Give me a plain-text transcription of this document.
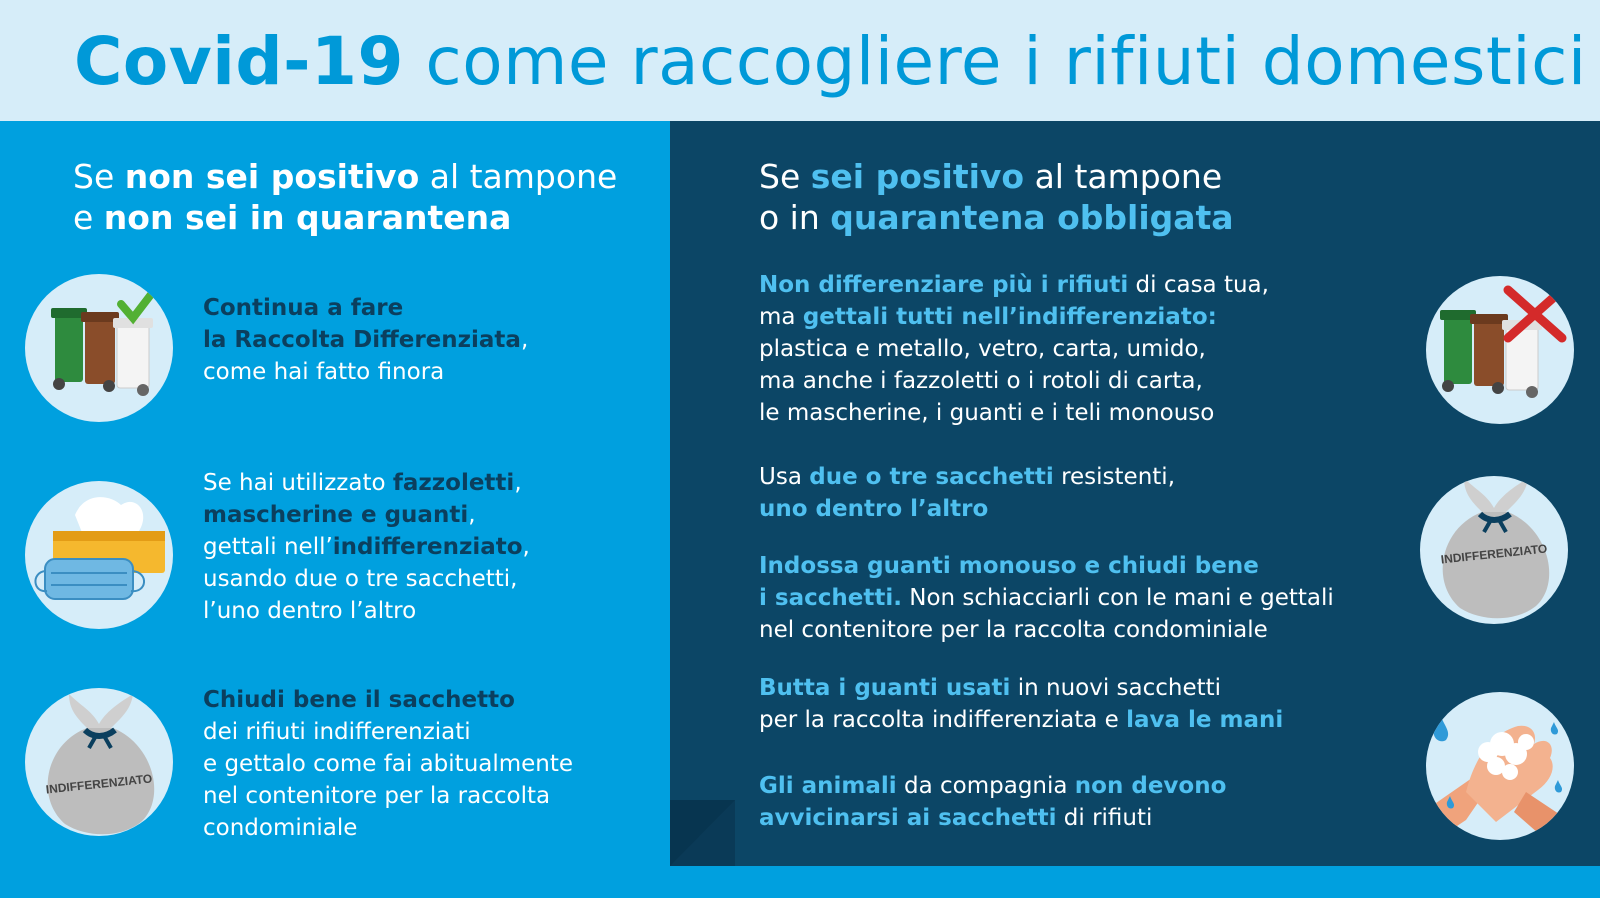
Covid-19 come raccogliere i rifiuti domestici
Se non sei positivo al tampone
e non sei in quarantena
Se sei positivo al tampone
o in quarantena obbligata
Continua a fare
la Raccolta Differenziata,
come hai fatto finora
Se hai utilizzato fazzoletti,
mascherine e guanti,
gettali nell’indifferenziato,
usando due o tre sacchetti,
l’uno dentro l’altro
Chiudi bene il sacchetto
dei rifiuti indifferenziati
e gettalo come fai abitualmente
nel contenitore per la raccolta
condominiale
Non differenziare più i rifiuti di casa tua,
ma gettali tutti nell’indifferenziato:
plastica e metallo, vetro, carta, umido,
ma anche i fazzoletti o i rotoli di carta,
le mascherine, i guanti e i teli monouso
Usa due o tre sacchetti resistenti,
uno dentro l’altro
Indossa guanti monouso e chiudi bene
i sacchetti. Non schiacciarli con le mani e gettali
nel contenitore per la raccolta condominiale
Butta i guanti usati in nuovi sacchetti
per la raccolta indifferenziata e lava le mani
Gli animali da compagnia non devono
avvicinarsi ai sacchetti di rifiuti
INDIFFERENZIATO
INDIFFERENZIATO
